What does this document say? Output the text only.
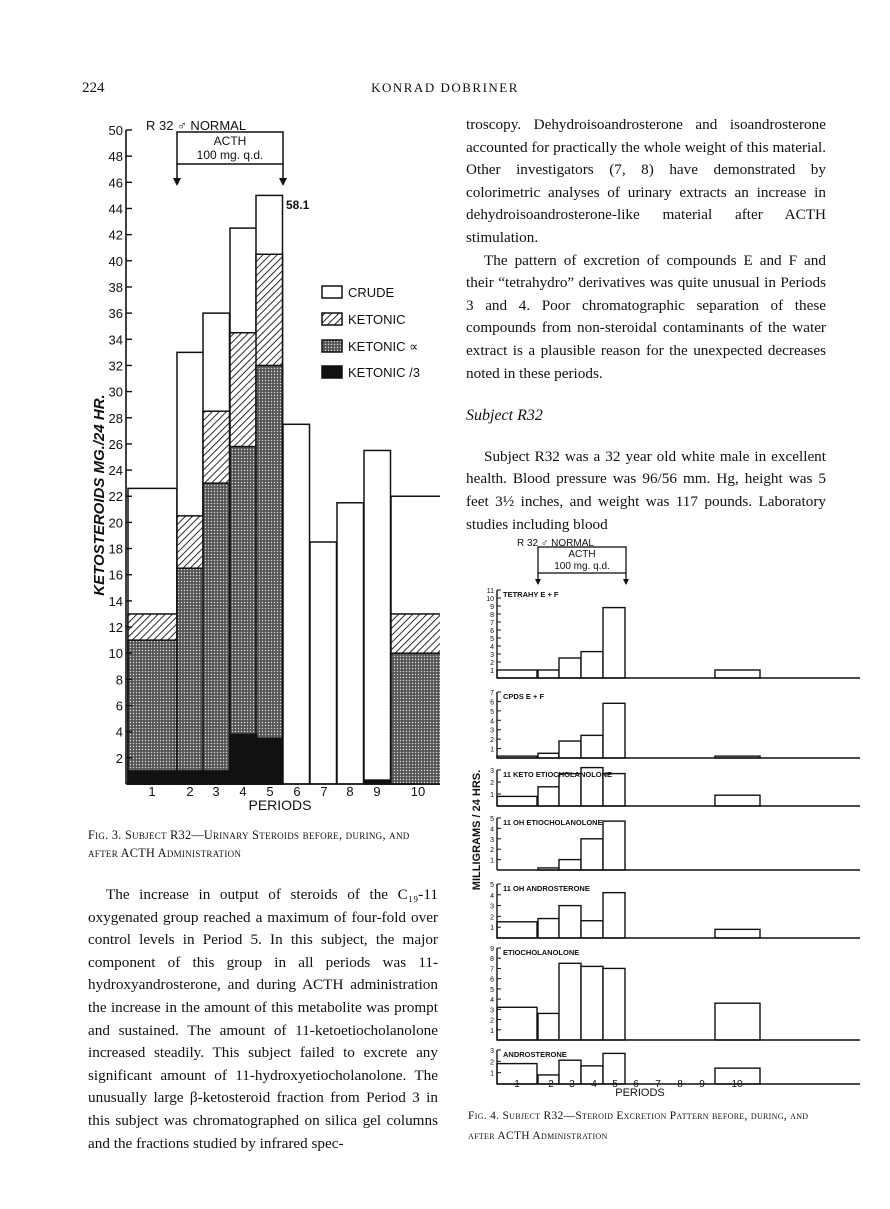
224	KONRAD DOBRINER
2
4
6
8
10
12
14
16
18
20
22
24
26
28
30
32
34
36
38
40
42
44
46
48
50
1 2 3 4 5 6 7 8 9 10
R 32 ♂ NORMAL
ACTH
100 mg. q.d.
58.1
KETOSTEROIDS MG./24 HR.
PERIODS
CRUDE
KETONIC
KETONIC ∝
KETONIC /3
Fig. 3. Subject R32—Urinary Steroids before, during, and after ACTH Administration

The increase in output of steroids of the C₁₉-11 oxygenated group reached a maximum of four-fold over control levels in Period 5. In this subject, the major component of this group in all periods was 11-hydroxyandrosterone, and during ACTH administration the increase in the amount of this metabolite was prompt and sustained. The amount of 11-ketoetiocholanolone increased steadily. This subject failed to excrete any significant amount of 11-hydroxyetiocholanolone. The unusually large β-ketosteroid fraction from Period 3 in this subject was chromatographed on silica gel columns and the fractions studied by infrared spec-

troscopy. Dehydroisoandrosterone and isoandrosterone accounted for practically the whole weight of this material. Other investigators (7, 8) have demonstrated by colorimetric analyses of urinary extracts an increase in dehydroisoandrosterone-like material after ACTH stimulation.

The pattern of excretion of compounds E and F and their “tetrahydro” derivatives was quite unusual in Periods 3 and 4. Poor chromatographic separation of these compounds from non-steroidal contaminants of the water extract is a plausible reason for the unexpected decreases noted in these periods.

Subject R32

Subject R32 was a 32 year old white male in excellent health. Blood pressure was 96/56 mm. Hg, height was 5 feet 3½ inches, and weight was 117 pounds. Laboratory studies including blood

R 32 ♂ NORMAL
ACTH
100 mg. q.d.
1
2
3
4
5
6
7
8
9
10
11 TETRAHY E + F
1
2
3
4
5
6
7 CPDS E + F
1
2
3 11 KETO ETIOCHOLANOLONE
1
2
3
4
5 11 OH ETIOCHOLANOLONE
1
2
3
4
5 11 OH ANDROSTERONE
1
2
3
4
5
6
7
8
9 ETIOCHOLANOLONE
1
2
3 ANDROSTERONE
1	2 3 4 5 6 7 8 9	10
MILLIGRAMS / 24 HRS.
PERIODS
Fig. 4. Subject R32—Steroid Excretion Pattern before, during, and after ACTH Administration
